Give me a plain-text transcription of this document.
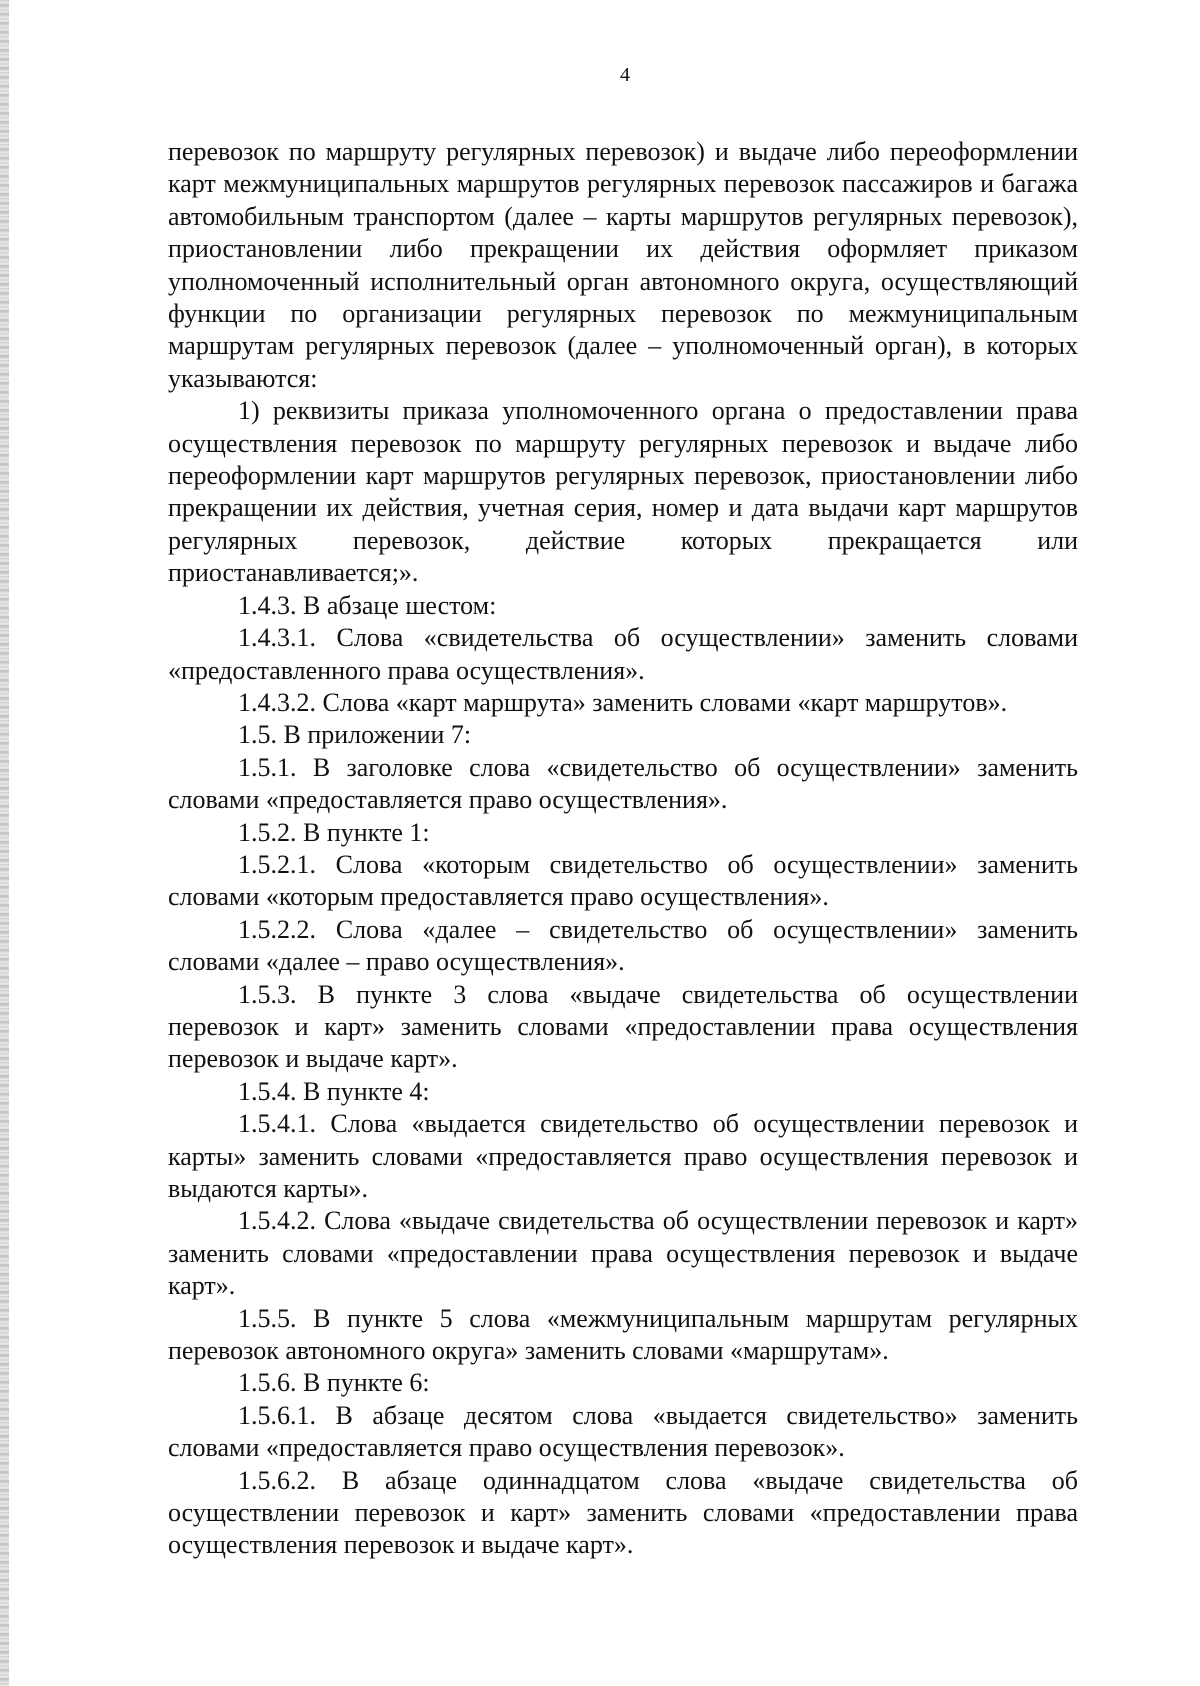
4

перевозок по маршруту регулярных перевозок) и выдаче либо переоформлении карт межмуниципальных маршрутов регулярных перевозок пассажиров и багажа автомобильным транспортом (далее – карты маршрутов регулярных перевозок), приостановлении либо прекращении их действия оформляет приказом уполномоченный исполнительный орган автономного округа, осуществляющий функции по организации регулярных перевозок по межмуниципальным маршрутам регулярных перевозок (далее – уполномоченный орган), в которых указываются:

1) реквизиты приказа уполномоченного органа о предоставлении права осуществления перевозок по маршруту регулярных перевозок и выдаче либо переоформлении карт маршрутов регулярных перевозок, приостановлении либо прекращении их действия, учетная серия, номер и дата выдачи карт маршрутов регулярных перевозок, действие которых прекращается или приостанавливается;».

1.4.3. В абзаце шестом:

1.4.3.1. Слова «свидетельства об осуществлении» заменить словами «предоставленного права осуществления».

1.4.3.2. Слова «карт маршрута» заменить словами «карт маршрутов».

1.5. В приложении 7:

1.5.1. В заголовке слова «свидетельство об осуществлении» заменить словами «предоставляется право осуществления».

1.5.2. В пункте 1:

1.5.2.1. Слова «которым свидетельство об осуществлении» заменить словами «которым предоставляется право осуществления».

1.5.2.2. Слова «далее – свидетельство об осуществлении» заменить словами «далее – право осуществления».

1.5.3. В пункте 3 слова «выдаче свидетельства об осуществлении перевозок и карт» заменить словами «предоставлении права осуществления перевозок и выдаче карт».

1.5.4. В пункте 4:

1.5.4.1. Слова «выдается свидетельство об осуществлении перевозок и карты» заменить словами «предоставляется право осуществления перевозок и выдаются карты».

1.5.4.2. Слова «выдаче свидетельства об осуществлении перевозок и карт» заменить словами «предоставлении права осуществления перевозок и выдаче карт».

1.5.5. В пункте 5 слова «межмуниципальным маршрутам регулярных перевозок автономного округа» заменить словами «маршрутам».

1.5.6. В пункте 6:

1.5.6.1. В абзаце десятом слова «выдается свидетельство» заменить словами «предоставляется право осуществления перевозок».

1.5.6.2. В абзаце одиннадцатом слова «выдаче свидетельства об осуществлении перевозок и карт» заменить словами «предоставлении права осуществления перевозок и выдаче карт».
